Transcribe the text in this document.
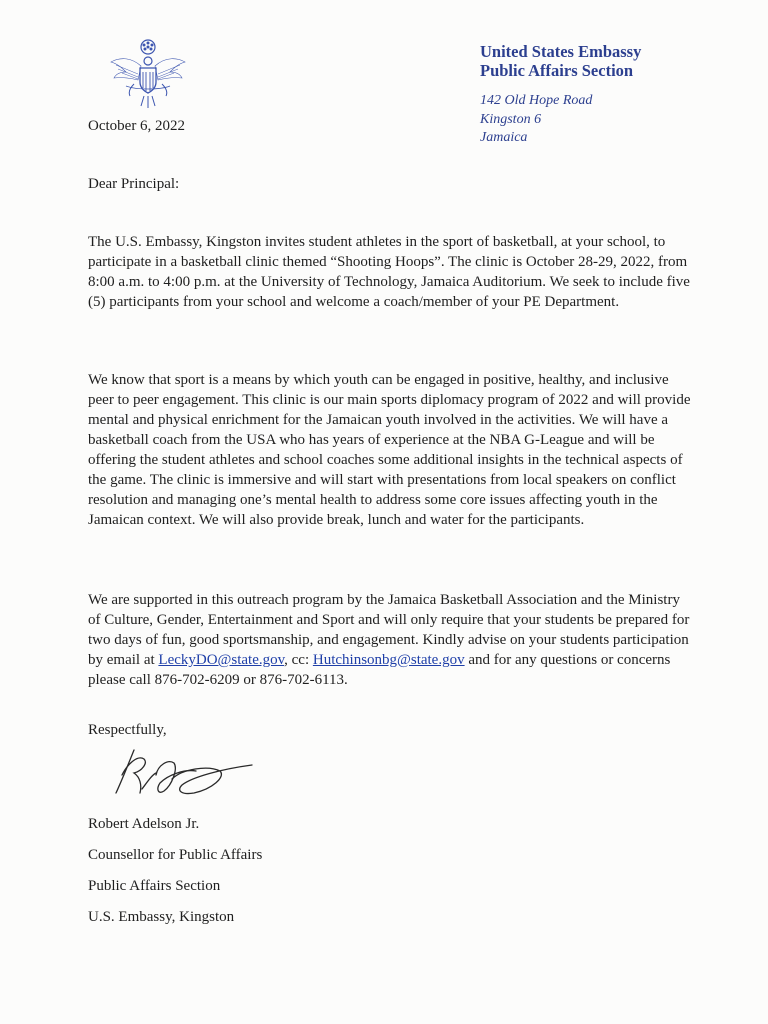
United States Embassy
Public Affairs Section
142 Old Hope Road
Kingston 6
Jamaica
October 6, 2022
Dear Principal:

The U.S. Embassy, Kingston invites student athletes in the sport of basketball, at your school, to participate in a basketball clinic themed “Shooting Hoops”. The clinic is October 28-29, 2022, from 8:00 a.m. to 4:00 p.m. at the University of Technology, Jamaica Auditorium. We seek to include five (5) participants from your school and welcome a coach/member of your PE Department.

We know that sport is a means by which youth can be engaged in positive, healthy, and inclusive peer to peer engagement. This clinic is our main sports diplomacy program of 2022 and will provide mental and physical enrichment for the Jamaican youth involved in the activities. We will have a basketball coach from the USA who has years of experience at the NBA G-League and will be offering the student athletes and school coaches some additional insights in the technical aspects of the game. The clinic is immersive and will start with presentations from local speakers on conflict resolution and managing one’s mental health to address some core issues affecting youth in the Jamaican context. We will also provide break, lunch and water for the participants.

We are supported in this outreach program by the Jamaica Basketball Association and the Ministry of Culture, Gender, Entertainment and Sport and will only require that your students be prepared for two days of fun, good sportsmanship, and engagement. Kindly advise on your students participation by email at LeckyDO@state.gov, cc: Hutchinsonbg@state.gov and for any questions or concerns please call 876-702-6209 or 876-702-6113.

Respectfully,
Robert Adelson Jr.
Counsellor for Public Affairs
Public Affairs Section
U.S. Embassy, Kingston
